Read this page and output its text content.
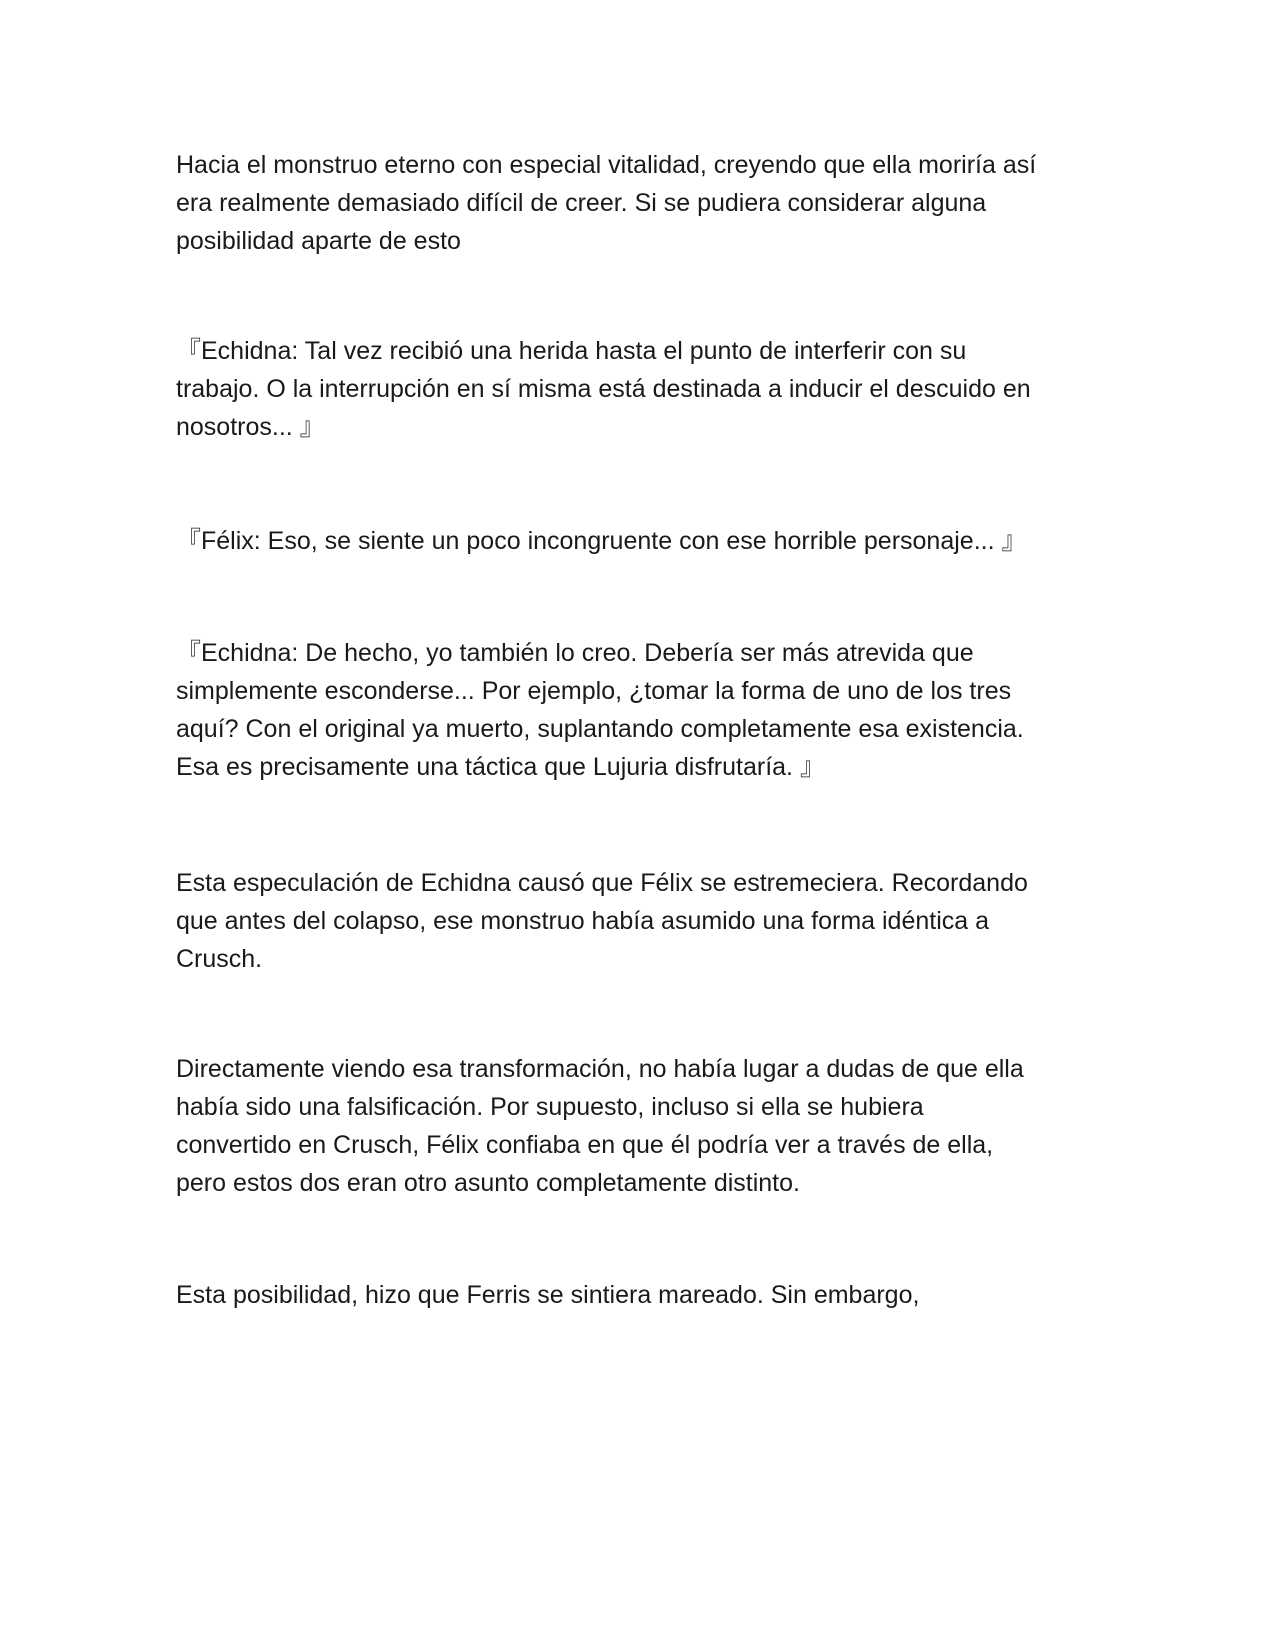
Hacia el monstruo eterno con especial vitalidad, creyendo que ella moriría así
era realmente demasiado difícil de creer. Si se pudiera considerar alguna
posibilidad aparte de esto

『Echidna: Tal vez recibió una herida hasta el punto de interferir con su
trabajo. O la interrupción en sí misma está destinada a inducir el descuido en
nosotros... 』

『Félix: Eso, se siente un poco incongruente con ese horrible personaje... 』

『Echidna: De hecho, yo también lo creo. Debería ser más atrevida que
simplemente esconderse... Por ejemplo, ¿tomar la forma de uno de los tres
aquí? Con el original ya muerto, suplantando completamente esa existencia.
Esa es precisamente una táctica que Lujuria disfrutaría. 』

Esta especulación de Echidna causó que Félix se estremeciera. Recordando
que antes del colapso, ese monstruo había asumido una forma idéntica a
Crusch.

Directamente viendo esa transformación, no había lugar a dudas de que ella
había sido una falsificación. Por supuesto, incluso si ella se hubiera
convertido en Crusch, Félix confiaba en que él podría ver a través de ella,
pero estos dos eran otro asunto completamente distinto.

Esta posibilidad, hizo que Ferris se sintiera mareado. Sin embargo,
